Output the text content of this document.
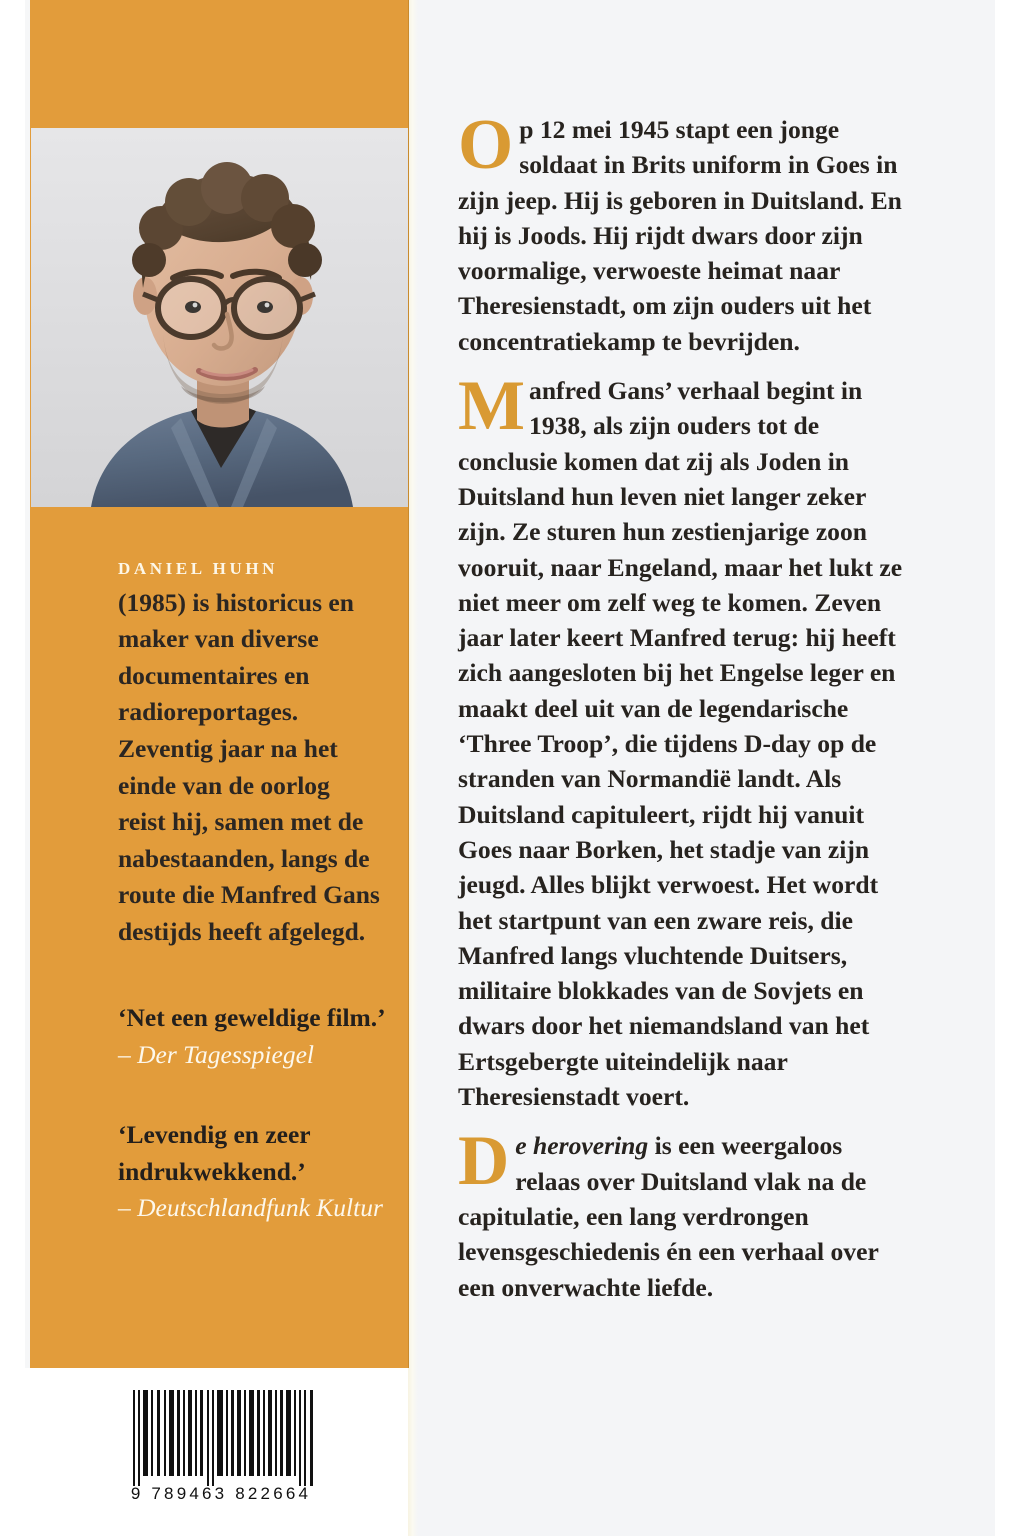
DANIEL HUHN

(1985) is historicus en maker van diverse documentaires en radioreportages. Zeventig jaar na het einde van de oorlog reist hij, samen met de nabestaanden, langs de route die Manfred Gans destijds heeft afgelegd.

‘Net een geweldige film.’

– Der Tagesspiegel

‘Levendig en zeer indrukwekkend.’

– Deutschlandfunk Kultur

9 789463 822664

Op 12 mei 1945 stapt een jonge soldaat in Brits uniform in Goes in zijn jeep. Hij is geboren in Duitsland. En hij is Joods. Hij rijdt dwars door zijn voormalige, verwoeste heimat naar Theresienstadt, om zijn ouders uit het concentratiekamp te bevrijden.

Manfred Gans’ verhaal begint in 1938, als zijn ouders tot de conclusie komen dat zij als Joden in Duitsland hun leven niet langer zeker zijn. Ze sturen hun zestienjarige zoon vooruit, naar Engeland, maar het lukt ze niet meer om zelf weg te komen. Zeven jaar later keert Manfred terug: hij heeft zich aangesloten bij het Engelse leger en maakt deel uit van de legendarische ‘Three Troop’, die tijdens D-day op de stranden van Normandië landt. Als Duitsland capituleert, rijdt hij vanuit Goes naar Borken, het stadje van zijn jeugd. Alles blijkt verwoest. Het wordt het startpunt van een zware reis, die Manfred langs vluchtende Duitsers, militaire blokkades van de Sovjets en dwars door het niemandsland van het Ertsgebergte uiteindelijk naar Theresienstadt voert.

De herovering is een weergaloos relaas over Duitsland vlak na de capitulatie, een lang verdrongen levensgeschiedenis én een verhaal over een onverwachte liefde.
